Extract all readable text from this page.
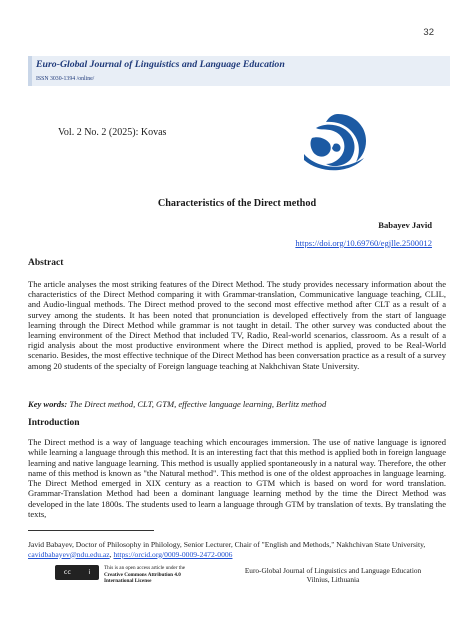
32
Euro-Global Journal of Linguistics and Language Education
ISSN 3030-1394 /online/
Vol. 2 No. 2 (2025): Kovas
Characteristics of the Direct method
Babayev Javid
https://doi.org/10.69760/egjlle.2500012
Abstract

The article analyses the most striking features of the Direct Method. The study provides necessary information about the characteristics of the Direct Method comparing it with Grammar-translation, Communicative language teaching, CLIL, and Audio-lingual methods. The Direct method proved to the second most effective method after CLT as a result of a survey among the students. It has been noted that pronunciation is developed effectively from the start of language learning through the Direct Method while grammar is not taught in detail. The other survey was conducted about the learning environment of the Direct Method that included TV, Radio, Real-world scenarios, classroom. As a result of a rigid analysis about the most productive environment where the Direct method is applied, proved to be Real-World scenario. Besides, the most effective technique of the Direct Method has been conversation practice as a result of a survey among 20 students of the specialty of Foreign language teaching at Nakhchivan State University.

Key words: The Direct method, CLT, GTM, effective language learning, Berlitz method
Introduction

The Direct method is a way of language teaching which encourages immersion. The use of native language is ignored while learning a language through this method. It is an interesting fact that this method is applied both in foreign language learning and native language learning. This method is usually applied spontaneously in a natural way. Therefore, the other name of this method is known as "the Natural method". This method is one of the oldest approaches in language learning. The Direct Method emerged in XIX century as a reaction to GTM which is based on word for word translation. Grammar-Translation Method had been a dominant language learning method by the time the Direct Method was developed in the late 1800s. The students used to learn a language through GTM by translation of texts. By translating the texts,

Javid Babayev, Doctor of Philosophy in Philology, Senior Lecturer, Chair of "English and Methods," Nakhchivan State University, cavidbabayev@ndu.edu.az, https://orcid.org/0009-0009-2472-0006
cc	i
This is an open access article under the
Creative Commons Attribution 4.0
International License
Euro-Global Journal of Linguistics and Language Education
Vilnius, Lithuania
